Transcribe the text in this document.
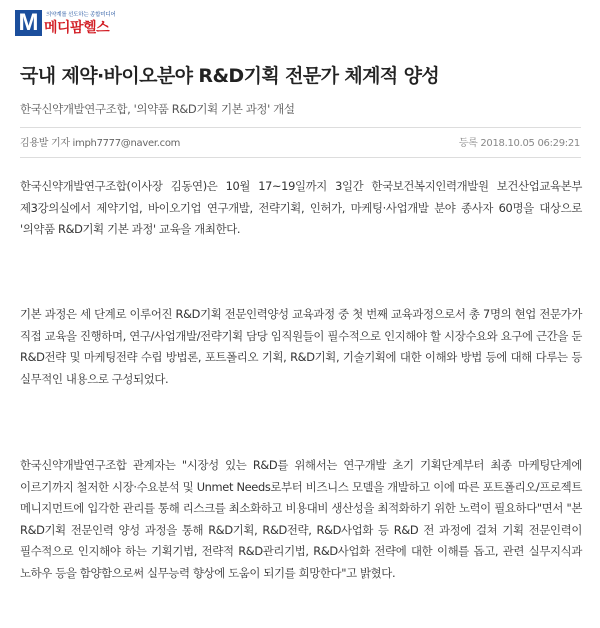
M	의약계를 선도하는 종합미디어
메디팜헬스
국내 제약·바이오분야 R&D기획 전문가 체계적 양성
한국신약개발연구조합, '의약품 R&D기획 기본 과정' 개설
김용발 기자 imph7777@naver.com	등록 2018.10.05 06:29:21

한국신약개발연구조합(이사장 김동연)은 10월 17~19일까지 3일간 한국보건복지인력개발원 보건산업교육본부 제3강의실에서 제약기업, 바이오기업 연구개발, 전략기획, 인허가, 마케팅·사업개발 분야 종사자 60명을 대상으로 '의약품 R&D기획 기본 과정' 교육을 개최한다.

기본 과정은 세 단계로 이루어진 R&D기획 전문인력양성 교육과정 중 첫 번째 교육과정으로서 총 7명의 현업 전문가가 직접 교육을 진행하며, 연구/사업개발/전략기획 담당 임직원들이 필수적으로 인지해야 할 시장수요와 요구에 근간을 둔 R&D전략 및 마케팅전략 수립 방법론, 포트폴리오 기획, R&D기획, 기술기획에 대한 이해와 방법 등에 대해 다루는 등 실무적인 내용으로 구성되었다.

한국신약개발연구조합 관계자는 "시장성 있는 R&D를 위해서는 연구개발 초기 기획단계부터 최종 마케팅단계에 이르기까지 철저한 시장·수요분석 및 Unmet Needs로부터 비즈니스 모델을 개발하고 이에 따른 포트폴리오/프로젝트 메니지먼트에 입각한 관리를 통해 리스크를 최소화하고 비용대비 생산성을 최적화하기 위한 노력이 필요하다"면서 "본 R&D기획 전문인력 양성 과정을 통해 R&D기획, R&D전략, R&D사업화 등 R&D 전 과정에 걸쳐 기획 전문인력이 필수적으로 인지해야 하는 기획기법, 전략적 R&D관리기법, R&D사업화 전략에 대한 이해를 돕고, 관련 실무지식과 노하우 등을 함양함으로써 실무능력 향상에 도움이 되기를 희망한다"고 밝혔다.
